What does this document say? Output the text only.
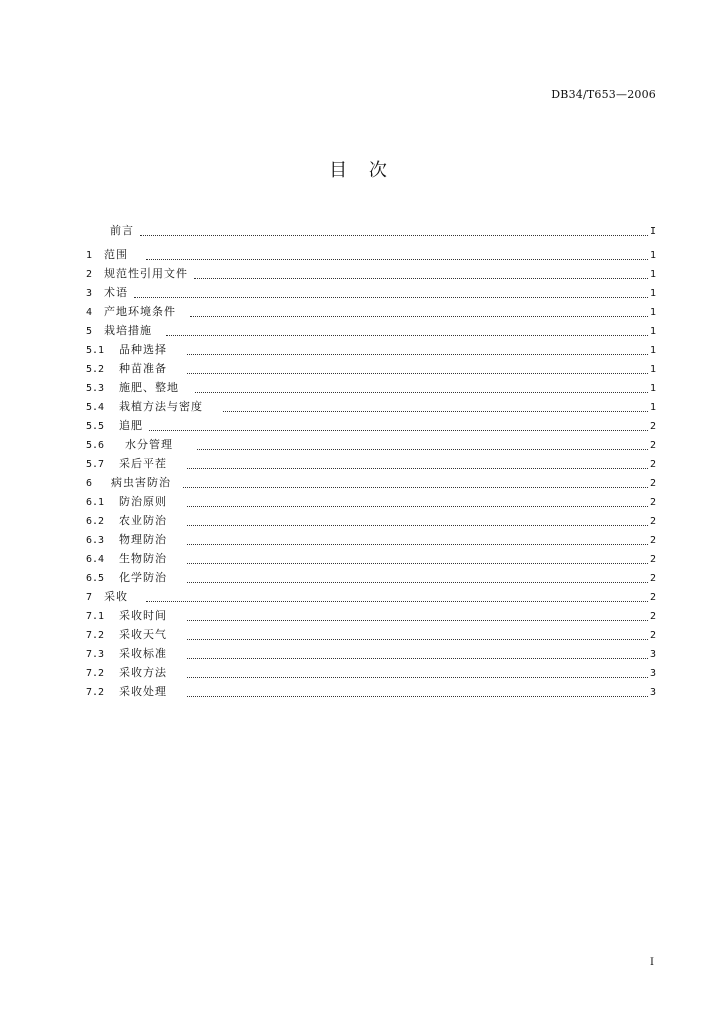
DB34/T653—2006
目 次
前言	I
1	范围	1
2	规范性引用文件	1
3	术语	1
4	产地环境条件	1
5	栽培措施	1
5.1	品种选择	1
5.2	种苗准备	1
5.3	施肥、整地	1
5.4	栽植方法与密度	1
5.5	追肥	2
5.6	水分管理	2
5.7	采后平茬	2
6	病虫害防治	2
6.1	防治原则	2
6.2	农业防治	2
6.3	物理防治	2
6.4	生物防治	2
6.5	化学防治	2
7	采收	2
7.1	采收时间	2
7.2	采收天气	2
7.3	采收标准	3
7.2	采收方法	3
7.2	采收处理	3
I
